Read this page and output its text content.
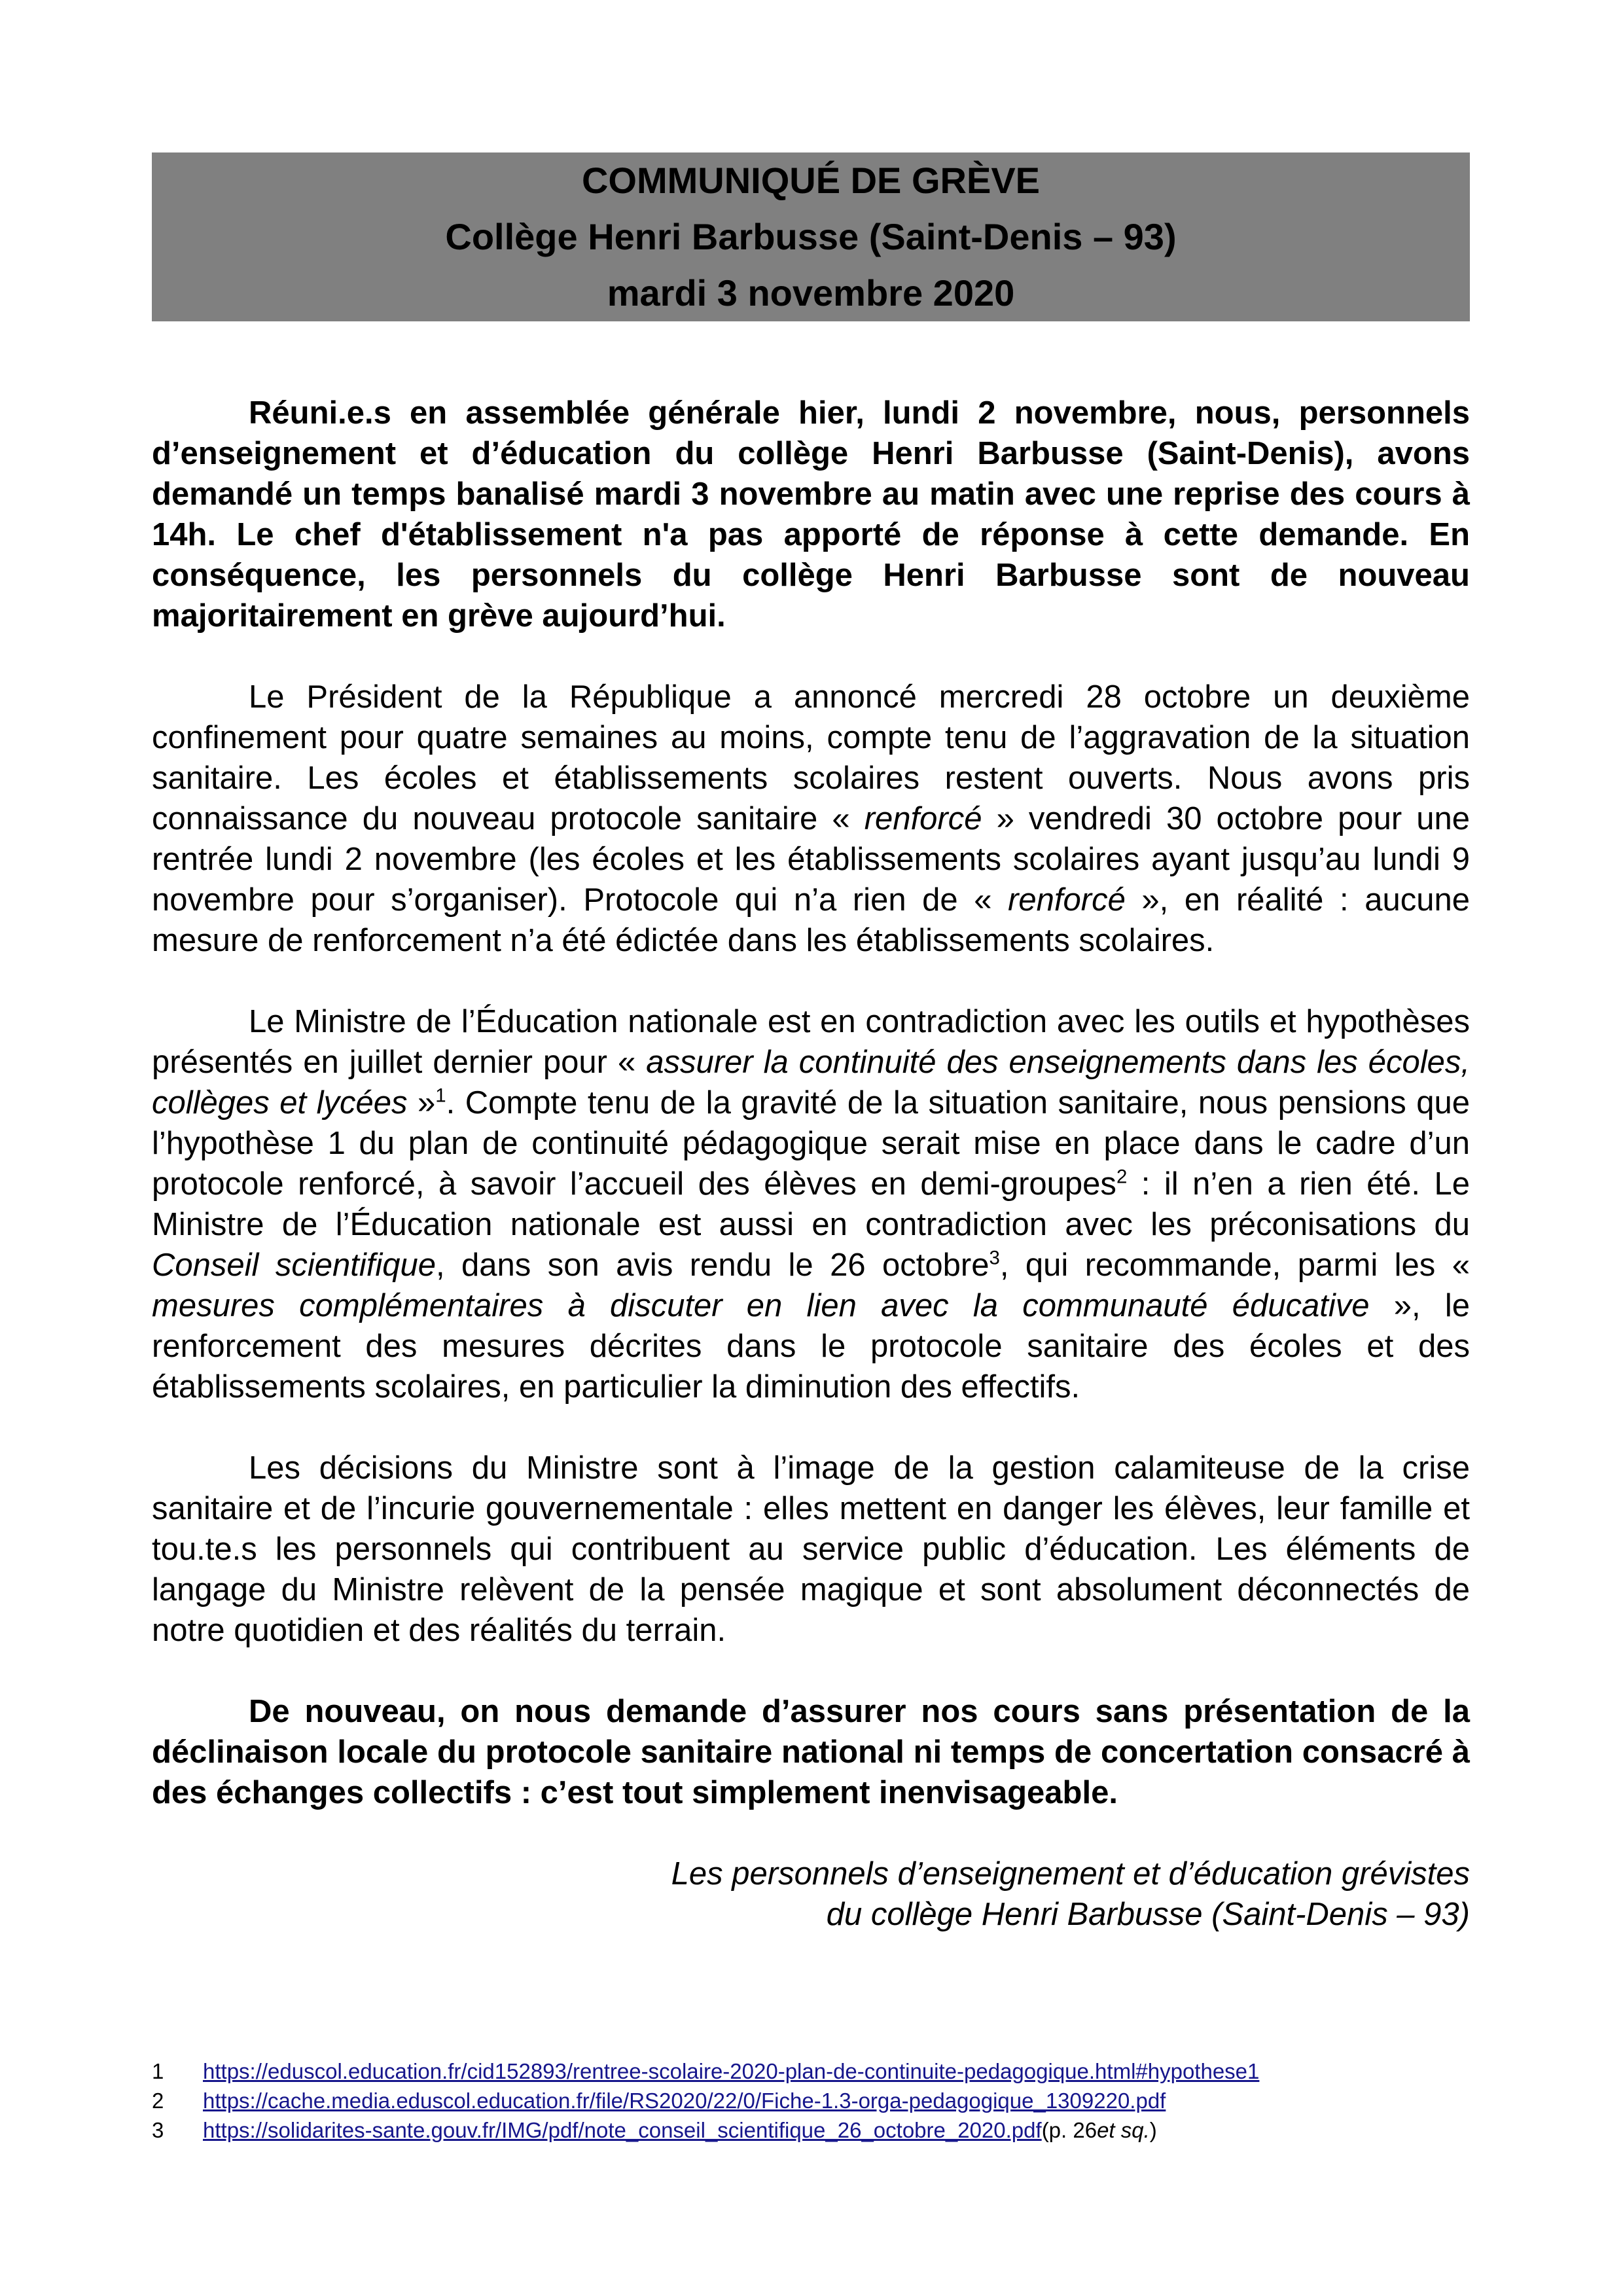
COMMUNIQUÉ DE GRÈVE
Collège Henri Barbusse (Saint-Denis – 93)
mardi 3 novembre 2020

Réuni.e.s en assemblée générale hier, lundi 2 novembre, nous, personnels d’enseignement et d’éducation du collège Henri Barbusse (Saint-Denis), avons demandé un temps banalisé mardi 3 novembre au matin avec une reprise des cours à 14h. Le chef d'établissement n'a pas apporté de réponse à cette demande. En conséquence, les personnels du collège Henri Barbusse sont de nouveau majoritairement en grève aujourd’hui.

Le Président de la République a annoncé mercredi 28 octobre un deuxième confinement pour quatre semaines au moins, compte tenu de l’aggravation de la situation sanitaire. Les écoles et établissements scolaires restent ouverts. Nous avons pris connaissance du nouveau protocole sanitaire « renforcé » vendredi 30 octobre pour une rentrée lundi 2 novembre (les écoles et les établissements scolaires ayant jusqu’au lundi 9 novembre pour s’organiser). Protocole qui n’a rien de « renforcé », en réalité : aucune mesure de renforcement n’a été édictée dans les établissements scolaires.

Le Ministre de l’Éducation nationale est en contradiction avec les outils et hypothèses présentés en juillet dernier pour « assurer la continuité des enseignements dans les écoles, collèges et lycées »$^1$. Compte tenu de la gravité de la situation sanitaire, nous pensions que l’hypothèse 1 du plan de continuité pédagogique serait mise en place dans le cadre d’un protocole renforcé, à savoir l’accueil des élèves en demi-groupes$^2$ : il n’en a rien été. Le Ministre de l’Éducation nationale est aussi en contradiction avec les préconisations du Conseil scientifique, dans son avis rendu le 26 octobre$^3$, qui recommande, parmi les « mesures complémentaires à discuter en lien avec la communauté éducative », le renforcement des mesures décrites dans le protocole sanitaire des écoles et des établissements scolaires, en particulier la diminution des effectifs.

Les décisions du Ministre sont à l’image de la gestion calamiteuse de la crise sanitaire et de l’incurie gouvernementale : elles mettent en danger les élèves, leur famille et tou.te.s les personnels qui contribuent au service public d’éducation. Les éléments de langage du Ministre relèvent de la pensée magique et sont absolument déconnectés de notre quotidien et des réalités du terrain.

De nouveau, on nous demande d’assurer nos cours sans présentation de la déclinaison locale du protocole sanitaire national ni temps de concertation consacré à des échanges collectifs : c’est tout simplement inenvisageable.

Les personnels d’enseignement et d’éducation grévistes
du collège Henri Barbusse (Saint-Denis – 93)
1	https://eduscol.education.fr/cid152893/rentree-scolaire-2020-plan-de-continuite-pedagogique.html#hypothese1
2	https://cache.media.eduscol.education.fr/file/RS2020/22/0/Fiche-1.3-orga-pedagogique_1309220.pdf
3	https://solidarites-sante.gouv.fr/IMG/pdf/note_conseil_scientifique_26_octobre_2020.pdf (p. 26 et sq. )
